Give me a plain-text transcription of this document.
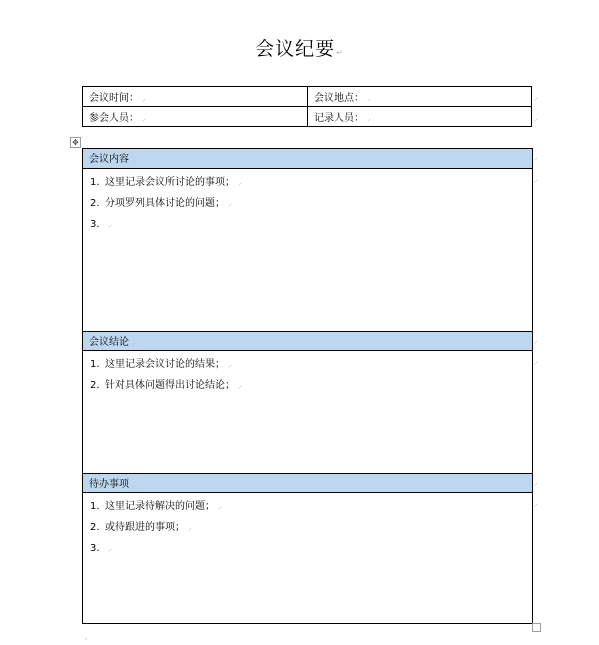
会议纪要↵
会议时间： ⸝	会议地点： ⸝
参会人员： ⸝	记录人员： ⸝
⸝
⸝
✥
会议内容 ⸝
1. 这里记录会议所讨论的事项； ⸝
2. 分项罗列具体讨论的问题； ⸝
3. ⸝
会议结论 ⸝
1. 这里记录会议讨论的结果； ⸝
2. 针对具体问题得出讨论结论； ⸝
待办事项 ⸝
1. 这里记录待解决的问题； ⸝
2. 或待跟进的事项； ⸝
3. ⸝
⸝
⸝
⸝
⸝
⸝
⸝
⸝
